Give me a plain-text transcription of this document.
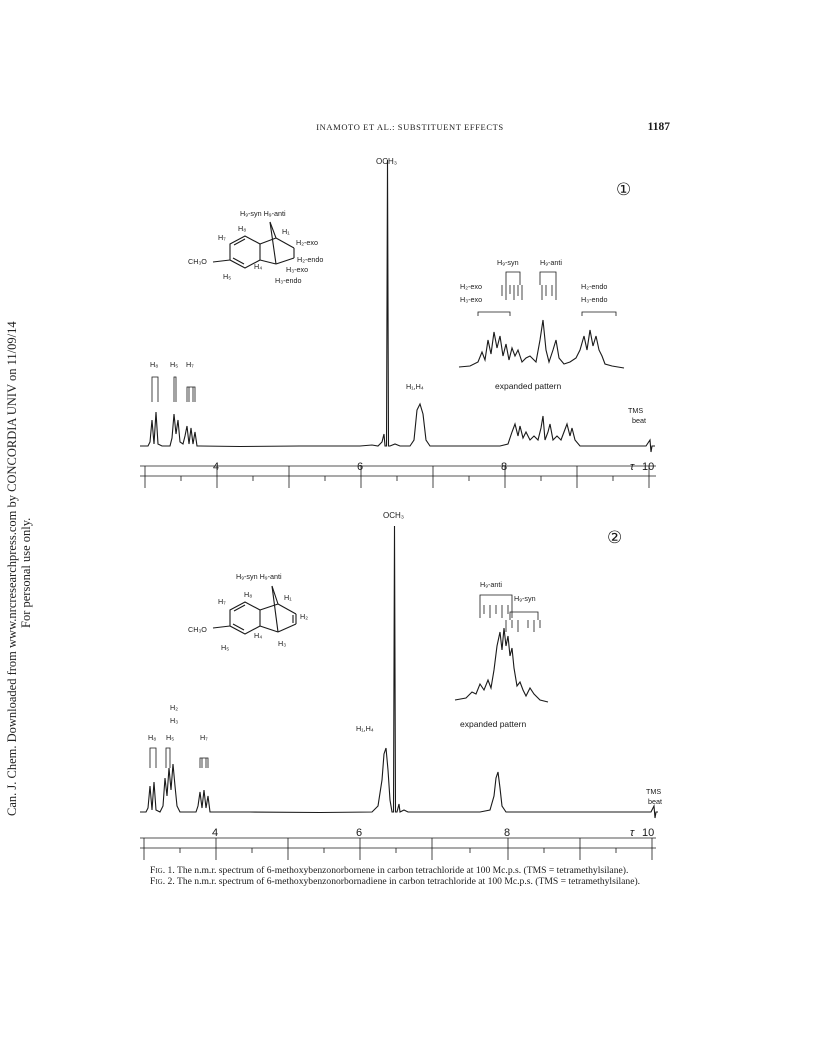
Can. J. Chem. Downloaded from www.nrcresearchpress.com by CONCORDIA UNIV on 11/09/14 For personal use only.
INAMOTO ET AL.: SUBSTITUENT EFFECTS	1187
OCH₃
①
H₉-syn H₉-anti
H₈	H₁
H₇
H₂-exo
H₂-endo
CH₃O
H₄	H₃-exo
H₅	H₃-endo
H₉-syn	H₉-anti
H₂-exo
H₃-exo
H₂-endo
H₃-endo
expanded pattern
H₈ H₅ H₇
H₁,H₄
TMS
beat
4	6	8	τ 10
OCH₃
②
H₉-syn H₉-anti
H₈	H₁
H₇
H₂
CH₃O
H₄
H₃
H₅
H₉-anti
H₉-syn
expanded pattern
H₂
H₃
H₈ H₅	H₇
H₁,H₄
TMS
beat
4	6	8	τ 10

Fig. 1. The n.m.r. spectrum of 6-methoxybenzonorbornene in carbon tetrachloride at 100 Mc.p.s. (TMS = tetramethylsilane).

Fig. 2. The n.m.r. spectrum of 6-methoxybenzonorbornadiene in carbon tetrachloride at 100 Mc.p.s. (TMS = tetramethylsilane).
